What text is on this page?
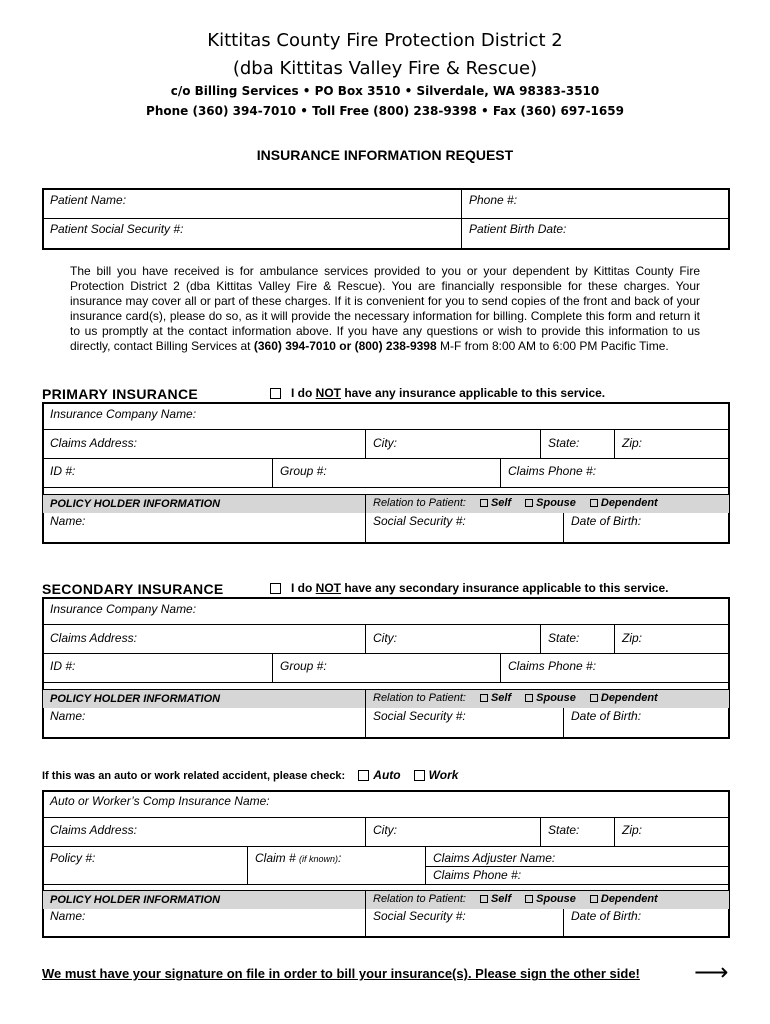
Kittitas County Fire Protection District 2
(dba Kittitas Valley Fire & Rescue)
c/o Billing Services • PO Box 3510 • Silverdale, WA 98383-3510
Phone (360) 394-7010 • Toll Free (800) 238-9398 • Fax (360) 697-1659
INSURANCE INFORMATION REQUEST
Patient Name:	Phone #:
Patient Social Security #:	Patient Birth Date:
The bill you have received is for ambulance services provided to you or your dependent by Kittitas County Fire Protection District 2 (dba Kittitas Valley Fire & Rescue). You are financially responsible for these charges. Your insurance may cover all or part of these charges. If it is convenient for you to send copies of the front and back of your insurance card(s), please do so, as it will provide the necessary information for billing. Complete this form and return it to us promptly at the contact information above. If you have any questions or wish to provide this information to us directly, contact Billing Services at (360) 394-7010 or (800) 238-9398 M-F from 8:00 AM to 6:00 PM Pacific Time.
PRIMARY INSURANCE	I do NOT have any insurance applicable to this service.
Insurance Company Name:
Claims Address:	City:	State:	Zip:
ID #:	Group #:	Claims Phone #:
POLICY HOLDER INFORMATION	Relation to Patient: Self Spouse Dependent
Name:	Social Security #:	Date of Birth:
SECONDARY INSURANCE	I do NOT have any secondary insurance applicable to this service.
Insurance Company Name:
Claims Address:	City:	State:	Zip:
ID #:	Group #:	Claims Phone #:
POLICY HOLDER INFORMATION	Relation to Patient: Self Spouse Dependent
Name:	Social Security #:	Date of Birth:
If this was an auto or work related accident, please check: Auto Work
Auto or Worker’s Comp Insurance Name:
Claims Address:	City:	State:	Zip:
Policy #:	Claim # (if known):	Claims Adjuster Name:
Claims Phone #:
POLICY HOLDER INFORMATION	Relation to Patient: Self Spouse Dependent
Name:	Social Security #:	Date of Birth:
We must have your signature on file in order to bill your insurance(s). Please sign the other side! ⟶
